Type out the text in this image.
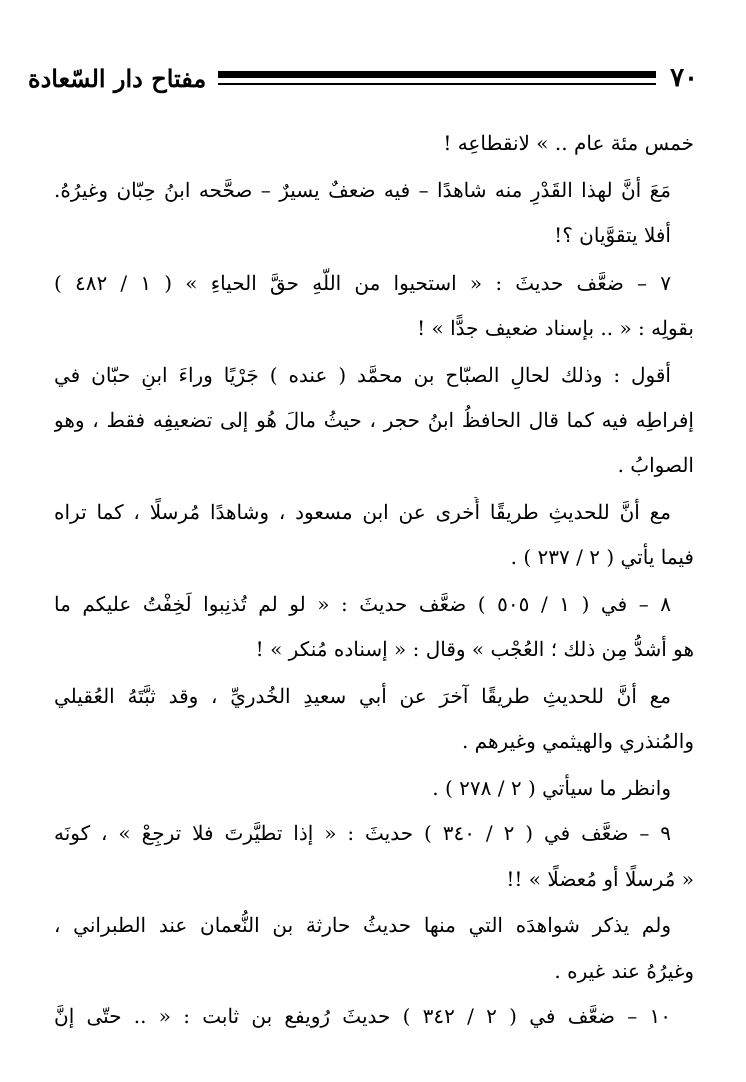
مفتاح دار السّعادة	٧٠
خمس مئة عام .. » لانقطاعِه !
مَعَ أنَّ لهذا القَدْرِ منه شاهدًا – فيه ضعفٌ يسيرٌ – صحَّحه ابنُ حِبّان وغيرُهُ.
أفلا يتقوَّيان ؟!
٧ – ضعَّف حديثَ : « استحيوا من اللّهِ حقَّ الحياءِ » ( ١ / ٤٨٢ )
بقولِه : « .. بإسناد ضعيف جدًّا » !
أقول : وذلك لحالِ الصبّاح بن محمَّد ( عنده ) جَرْيًا وراءَ ابنِ حبّان في
إفراطِه فيه كما قال الحافظُ ابنُ حجر ، حيثُ مالَ هُو إلى تضعيفِه فقط ، وهو
الصوابُ .
مع أنَّ للحديثِ طريقًا أُخرى عن ابن مسعود ، وشاهدًا مُرسلًا ، كما تراه
فيما يأتي ( ٢ / ٢٣٧ ) .
٨ – في ( ١ / ٥٠٥ ) ضعَّف حديثَ : « لو لم تُذنِبوا لَخِفْتُ عليكم ما
هو أشدُّ مِن ذلك ؛ العُجْب » وقال : « إسناده مُنكر » !
مع أنَّ للحديثِ طريقًا آخرَ عن أبي سعيدِ الخُدريِّ ، وقد ثبَّتَهُ العُقيلي
والمُنذري والهيثمي وغيرهم .
وانظر ما سيأتي ( ٢ / ٢٧٨ ) .
٩ – ضعَّف في ( ٢ / ٣٤٠ ) حديثَ : « إذا تطيَّرتَ فلا ترجِعْ » ، كونَه
« مُرسلًا أو مُعضلًا » !!
ولم يذكر شواهدَه التي منها حديثُ حارثة بن النُّعمان عند الطبراني ،
وغيرُهُ عند غيره .
١٠ – ضعَّف في ( ٢ / ٣٤٢ ) حديثَ رُويفع بن ثابت : « .. حتّى إنَّ
